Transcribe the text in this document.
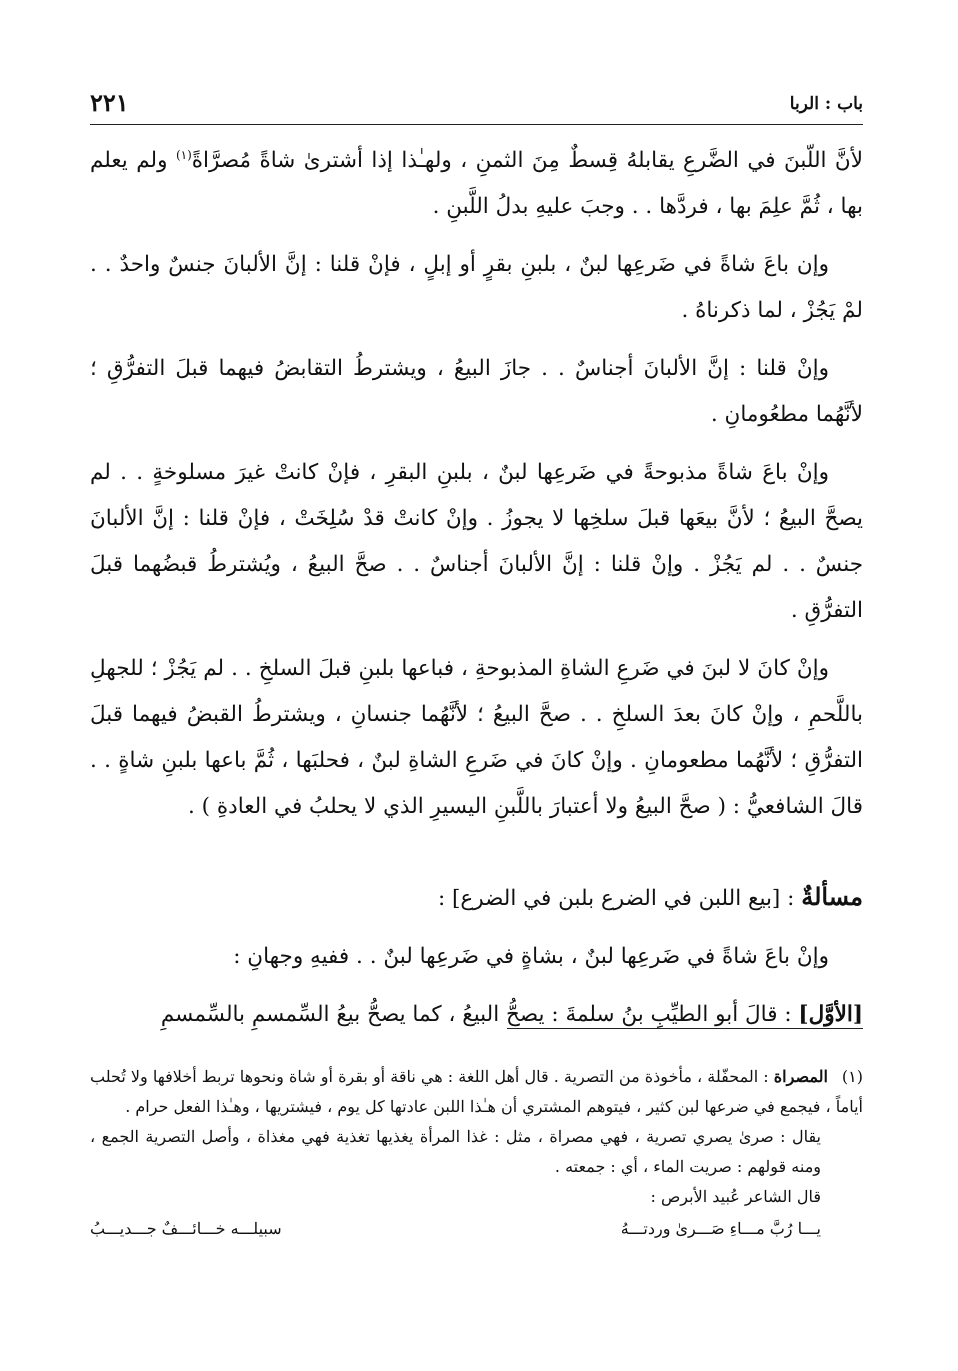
باب : الربا
٢٢١

لأنَّ اللّبنَ في الضَّرعِ يقابلهُ قِسطٌ مِنَ الثمنِ ، ولهـٰذا إذا أشترىٰ شاةً مُصرَّاةً$^{(١)}$ ولم يعلم بها ، ثُمَّ علِمَ بها ، فردَّها . . وجبَ عليهِ بدلُ اللَّبنِ .

وإن باعَ شاةً في ضَرعِها لبنٌ ، بلبنِ بقرٍ أو إبلٍ ، فإنْ قلنا : إنَّ الألبانَ جنسٌ واحدٌ . . لمْ يَجُزْ ، لما ذكرناهُ .

وإنْ قلنا : إنَّ الألبانَ أجناسٌ . . جازَ البيعُ ، ويشترطُ التقابضُ فيهما قبلَ التفرُّقِ ؛ لأنَّهُما مطعُومانِ .

وإنْ باعَ شاةً مذبوحةً في ضَرعِها لبنٌ ، بلبنِ البقرِ ، فإنْ كانتْ غيرَ مسلوخةٍ . . لم يصحَّ البيعُ ؛ لأنَّ بيعَها قبلَ سلخِها لا يجوزُ . وإنْ كانتْ قدْ سُلِخَتْ ، فإنْ قلنا : إنَّ الألبانَ جنسٌ . . لم يَجُزْ . وإنْ قلنا : إنَّ الألبانَ أجناسٌ . . صحَّ البيعُ ، ويُشترطُ قبضُهما قبلَ التفرُّقِ .

وإنْ كانَ لا لبنَ في ضَرعِ الشاةِ المذبوحةِ ، فباعها بلبنِ قبلَ السلخِ . . لم يَجُزْ ؛ للجهلِ باللَّحمِ ، وإنْ كانَ بعدَ السلخِ . . صحَّ البيعُ ؛ لأنَّهُما جنسانِ ، ويشترطُ القبضُ فيهما قبلَ التفرُّقِ ؛ لأنَّهُما مطعومانِ . وإنْ كانَ في ضَرعِ الشاةِ لبنٌ ، فحلبَها ، ثُمَّ باعها بلبنِ شاةٍ . . قالَ الشافعيُّ : ( صحَّ البيعُ ولا أعتبارَ باللَّبنِ اليسيرِ الذي لا يحلبُ في العادةِ ) .

مسألةٌ : [بيع اللبن في الضرع بلبن في الضرع] :

وإنْ باعَ شاةً في ضَرعِها لبنٌ ، بشاةٍ في ضَرعِها لبنٌ . . ففيهِ وجهانِ :

[الأوَّل] : قالَ أبو الطيِّبِ بنُ سلمةَ : يصحُّ البيعُ ، كما يصحُّ بيعُ السِّمسمِ بالسِّمسمِ

(١)المصراة : المحفّلة ، مأخوذة من التصرية . قال أهل اللغة : هي ناقة أو بقرة أو شاة ونحوها تربط أخلافها ولا تُحلب أياماً ، فيجمع في ضرعها لبن كثير ، فيتوهم المشتري أن هـٰذا اللبن عادتها كل يوم ، فيشتريها ، وهـٰذا الفعل حرام .

يقال : صرىٰ يصري تصرية ، فهي مصراة ، مثل : غذا المرأة يغذيها تغذية فهي مغذاة ، وأصل التصرية الجمع ، ومنه قولهم : صريت الماء ، أي : جمعته .

قال الشاعر عُبيد الأبرص :

يـــا رُبَّ مـــاءِ صَـــرىٰ وردتـــهُ
سبيلـــه خـــائـــفٌ جـــديـــبُ
